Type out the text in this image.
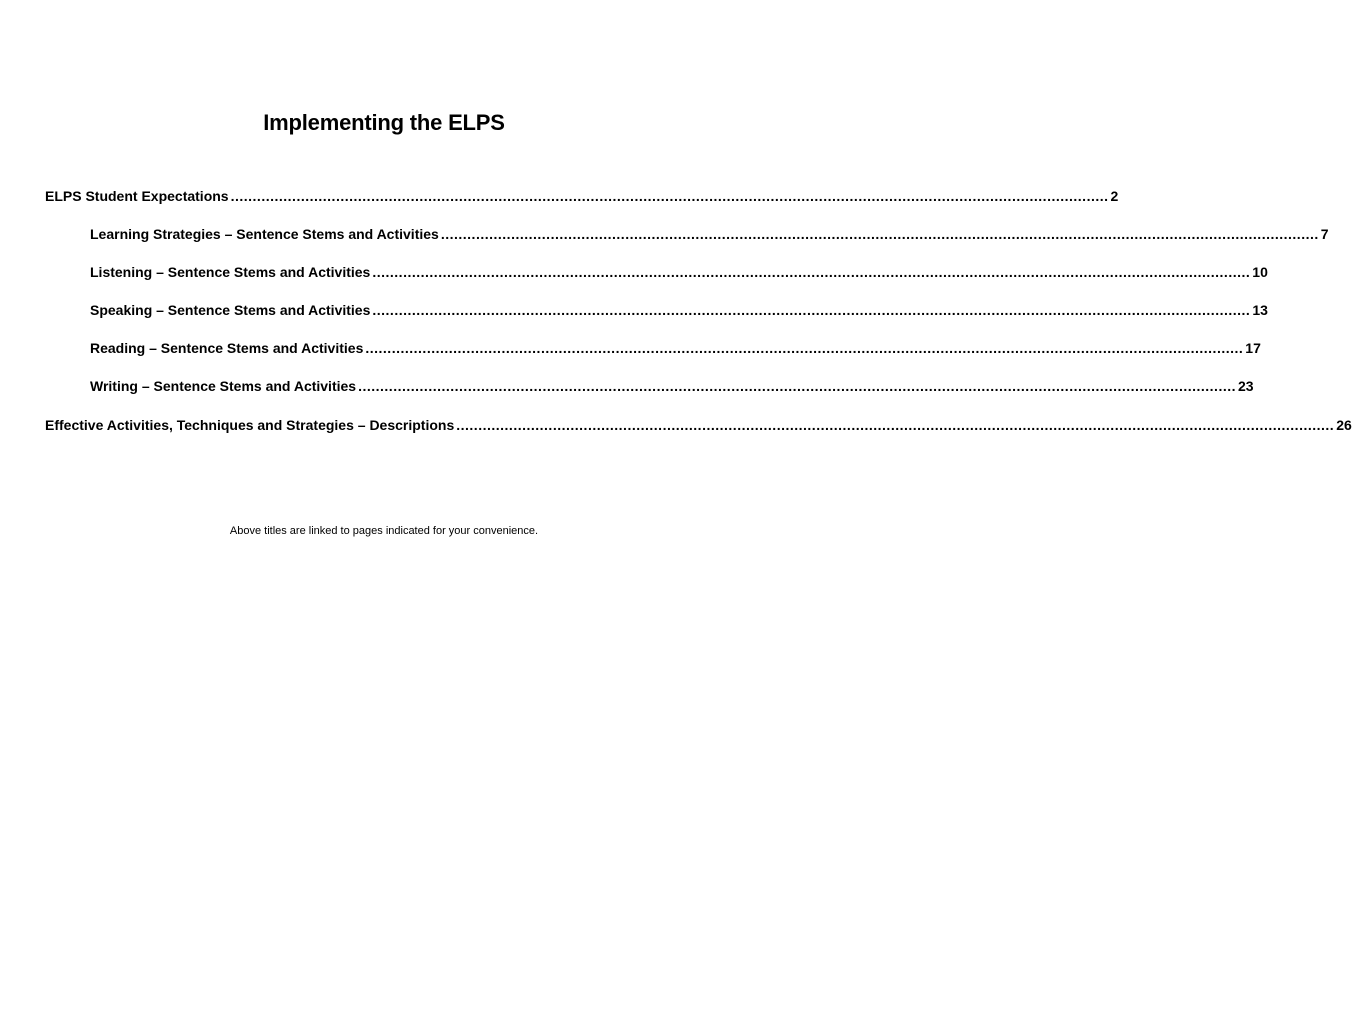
Implementing the ELPS
ELPS Student Expectations ........................................................................................................................................................................................................ 2
Learning Strategies – Sentence Stems and Activities ........................................................................................................................................................................................................ 7
Listening – Sentence Stems and Activities ........................................................................................................................................................................................................ 10
Speaking – Sentence Stems and Activities ........................................................................................................................................................................................................ 13
Reading – Sentence Stems and Activities ........................................................................................................................................................................................................ 17
Writing – Sentence Stems and Activities ........................................................................................................................................................................................................ 23
Effective Activities, Techniques and Strategies – Descriptions ........................................................................................................................................................................................................ 26
Above titles are linked to pages indicated for your convenience.
